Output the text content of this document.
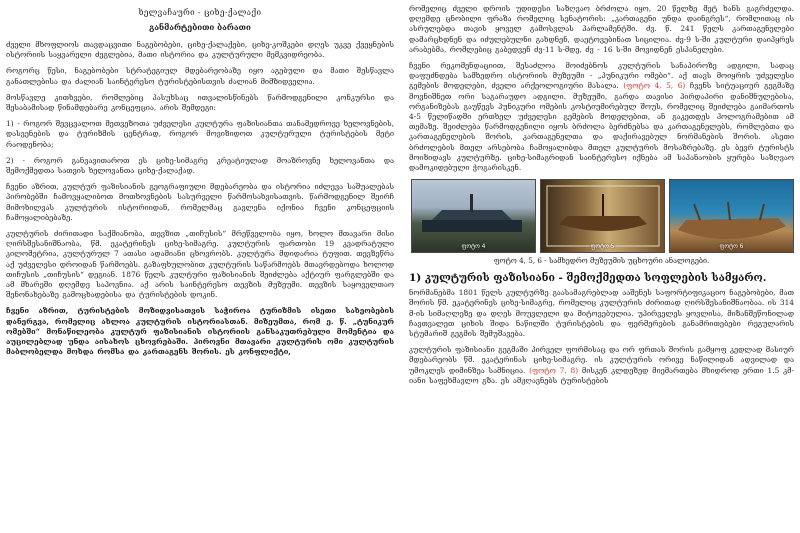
ხელვაჩაური - ციხე-ქალაქი
განმარტებითი ბარათი

ძველი მხოფლიოს თავდაცვითი ნაგებობები, ციხე-ქალაქები, ციხე-კოშკები დღეს უკვე ქვეყნების ისტორიის საყვარელი ძეგლებია, მათი ისტორია და კულტურული მემკვიდრეობა.

როგორც წესი, ნაგებობები სტრატეგიულ მდებარეობაზე იყო აგებული და მათი შესწავლა განათლებისა და ძალიან საინტერესო ტურისტებისთვის ძალიან მიმზიდველია.

მოსწავლე კითხვები, რომლებიც პასუხსაც ითვალისწინებს წარმოდგენილი კონკურსი და შესაბამისად წინამდებარე კონცეფცია, არის შემდეგი:

1) - როგორ შევცვალოთ მეთვეზოთა უძველესი კულტურა ფაზისიანთა თანამედროვე ხელოვნების, დასვენების და ტურიზმის ცენტრად, როგორ მოვიზიდოთ კულტურული ტურისტების მეტი რაოდენობა;

2) - როგორ განვავითაროთ ეს ციხე-სიმაგრე კრეატიულად მოაზროვნე ხელოვანთა და შემოქმედთა სათვის ხელოვანთა ციხე-ქალაქად.

ჩვენი აზრით, კულტურ ფაზისიანის გეოგრაფიული მდებარეობა და ისტორია იძლევა საშუალებას პირობებში ჩამოვყალიბოთ მოთხოვნების სასურველი წარმოსახვისათვის. წარმოდგენილ შეირჩ მიმოხილვას კულტურის ისტორიიდან, რომელმაც გავლენა იქონია ჩვენი კონცეფციის ჩამოყალიბებაზე.

კულტურის ძირითადი საქმიანობა, თევზით „თიჩუსის“ მრეწველობა იყო, ხოლო მთავარი მისი ღირსშესანიშნაობა, წმ. ეკატერინეს ციხე-სიმაგრე. კულტურის ფართობი 19 კვადრატული კილომეტრია, კულტურულ 7 ათასი ადამიანი ცხოვრობს. კულტურა მდიდარია ტუფით. თევზეწრა აქ უძველესი დროიდან წარმოებს. გაზაფხულობით კულტურის საწარმოებს მთავრდებოდა ხოლოდ თიჩუსის „თიჩუსის“ დეგიან. 1876 წელს კულტური ფაზისიანის შეიძლება აქტიურ ფარგლებში და ამ მხარეში დღემდე საპოვნია. აქ არის საინტერესო თევზის მუზეუმი. თევზის საყოველთაო შენონახებაზე გამოცხადებისა და ტურისტების დოკინ.

ჩვენი აზრით, ტურისტების მოზიდვისათვის საჭიროა ტურიზმის ისეთი სახეობების დანერგვა, რომელიც ახლოა კულტურის ისტორიასთან. მიზეუმთა, რომ ე. წ. „ტუნიკურ ომებში“ მონაწილეობა კულტურ ფაზისიანის ისტორიის განსაკუთრებული მომენტია და აუცილებლად უნდა აისახოს ცხოვრებაში. პიროვნი მთავარი კულტურის ომი კულტურის მაბლობელდა მოხდა რომსა და კართაგენს შორის. ეს კონფლიქტი,

რომელიც ძველი დროის უდიდესი საზღვაო ბრძოლა იყო, 20 წელზე მეტ ხანს გაგრძელდა. დღემდე ცნობილი ფრაზა რომელიც სენატორის: „კართაგენი უნდა დაინგრეს“, რომლითაც ის ასრულებდა თავის ყოველ გამოსვლას პარლამენტში. ძვ. წ. 241 წელს კართაგენელები დამარცხდნენ და იძულებულნი გახდნენ, დაეტოვებინათ სიცილია. ძვ-9 ს-ში კულტური დაიპყრეს არაბებმა, რომლებიც გაბედვენ ძვ-11 ს-მდე, ძვ - 16 ს-ში მოვიდნენ ესპანელები.

ჩვენი რეკომენდაციით, შესაძლოა მოიძებნოს კულტურის სანაპიროზე ადგილი, სადაც დაფუძნდება სამხედრო ისტორიის მუზეუმი - „პუნიკური ომები“. აქ თავს მოიყრის უძველესი გემების მოდელები, ძველი არქეოლოგიური მასალა. (ფოტო 4, 5, 6) ჩვენს სიტუაციურ გეგმაზე მოვნიშნეთ ორი საგარაუდო ადგილი. მუზეუმი, გარდა თავისი პირდაპირი დანიშნულებისა, ორგანიზებას გაუწევს პუნიკური ომების კოსტიუმირებულ შოუს, რომელიც შეიძლება გაიმართოს 4-5 წელიწადში ერთხელ უძველესი გემების მოდელებით, ან გაკეთდეს ჰოლოგრამებით ამ თემაზე. შეიძლება წარმოდგენილი იყოს ბრძოლა ბერძნებსა და კართაგენელებს, რომლებთა და კართაგენელების შორის, კართაგენელთა და დაქირავებულ ნორმანების შორის. ასეთი ბრძოლების მთელ არსებობა ჩამოყალიბდა მთელ კულტურის მოსაზრებაზე. ეს ბევრ ტურისტს მოიზიდავს კულტურზე. ციხე-სიმაგრიდან საინტერესო იქნება ამ საპანაობის ყურება საზღვაო დამოკიდებული ჭოგარისკენ.

ფოტო 4	ფოტო 5	ფოტო 6
ფოტო 4, 5, 6 - სამხედრო მუზეუმის უცხოური ანალოგები.
1) კულტურის ფაზისიანი - შემოქმედთა სოფლების სამყარო.

ნორმანებმა 1801 წელს კულტურზე გაასამაგრებლად ააშენეს საფორტიფიკაციო ნაგებობები, მათ შორის წმ. ეკატერინეს ციხე-სიმაგრე, რომელიც კულტურის ძირითად ღირსშესანიშნაობაა. ის 314 მ-ის სიმაღლეზე და დღეს მოუვლელი და მიტოვებულია. უპირველეს ყოვლისა, მიზანშეწონილად ჩავთვალეთ ციხის შიდა ნაწილში ტურისტების და ფერმერების განამრითებები რეგულარის სტუმარიშ გეგმის შემუშავება.

კულტურის ფაზისიანი გეგმაში პირველ ფორმისაც და ორ ფრთას შორის გამყოფ კედლად მასიურ მდებარეობს წმ. ეკატერინას ციხე-სიმაგრე. ის კულტურის ორივე ნაწილიდან ადვილად და უმოკლეს დიმინზეა სამნიცია. (ფოტო 7, 8) მისკენ კლდეზედ მიემართება მხიდროდ ერთი 1.5 კმ-იანი საფეხმავლო გზა. ეს ამჟღავნებს ტურისტების
